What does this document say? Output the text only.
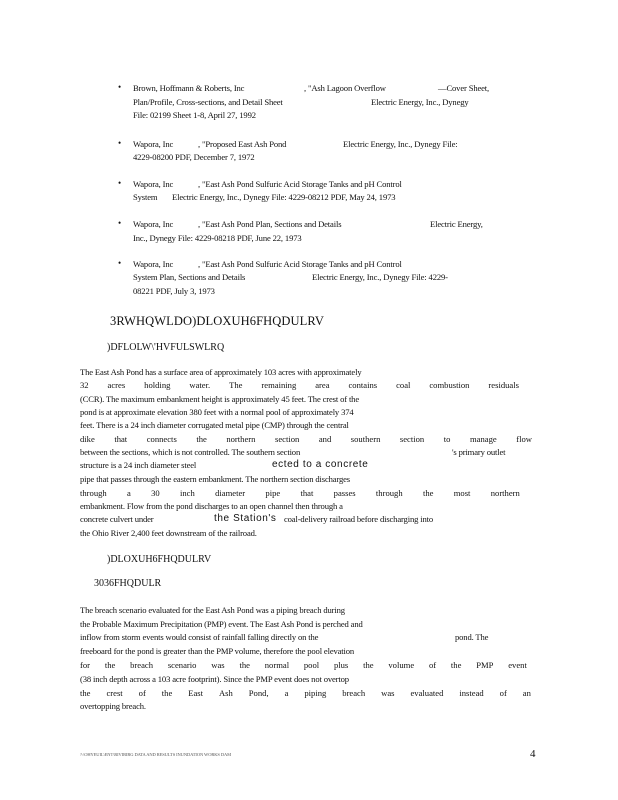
• Brown, Hoffmann & Roberts, Inc	, "Ash Lagoon Overflow	—Cover Sheet,
Plan/Profile, Cross-sections, and Detail Sheet	Electric Energy, Inc., Dynegy
File: 02199 Sheet 1-8, April 27, 1992
• Wapora, Inc	, "Proposed East Ash Pond	Electric Energy, Inc., Dynegy File:
4229-08200 PDF, December 7, 1972
• Wapora, Inc	, "East Ash Pond Sulfuric Acid Storage Tanks and pH Control
System Electric Energy, Inc., Dynegy File: 4229-08212 PDF, May 24, 1973
• Wapora, Inc	, "East Ash Pond Plan, Sections and Details	Electric Energy,
Inc., Dynegy File: 4229-08218 PDF, June 22, 1973
• Wapora, Inc	, "East Ash Pond Sulfuric Acid Storage Tanks and pH Control
System Plan, Sections and Details	Electric Energy, Inc., Dynegy File: 4229-
08221 PDF, July 3, 1973
3RWHQWLDO)DLOXUH6FHQDULRV
)DFLOLW\'HVFULSWLRQ
The East Ash Pond has a surface area of approximately 103 acres with approximately
32 acres holding water. The remaining area contains coal combustion residuals
(CCR). The maximum embankment height is approximately 45 feet. The crest of the
pond is at approximate elevation 380 feet with a normal pool of approximately 374
feet. There is a 24 inch diameter corrugated metal pipe (CMP) through the central
dike that connects the northern section and southern section to manage flow
between the sections, which is not controlled. The southern section	's primary outlet
structure is a 24 inch diameter steel	ected to a concrete
pipe that passes through the eastern embankment. The northern section discharges
through a 30 inch diameter pipe that passes through the most northern
embankment. Flow from the pond discharges to an open channel then through a
concrete culvert under	the Station's coal-delivery railroad before discharging into
the Ohio River 2,400 feet downstream of the railroad.
)DLOXUH6FHQDULRV
3036FHQDULR
The breach scenario evaluated for the East Ash Pond was a piping breach during
the Probable Maximum Precipitation (PMP) event. The East Ash Pond is perched and
inflow from storm events would consist of rainfall falling directly on the	pond. The
freeboard for the pond is greater than the PMP volume, therefore the pool elevation
for the breach scenario was the normal pool plus the volume of the PMP event
(38 inch depth across a 103 acre footprint). Since the PMP event does not overtop
the crest of the East Ash Pond, a piping breach was evaluated instead of an
overtopping breach.
?:\OHYEUIL\ENT\RIVIRIRG DATA AND RESULTS INUNDATION WORKS DAM	4
